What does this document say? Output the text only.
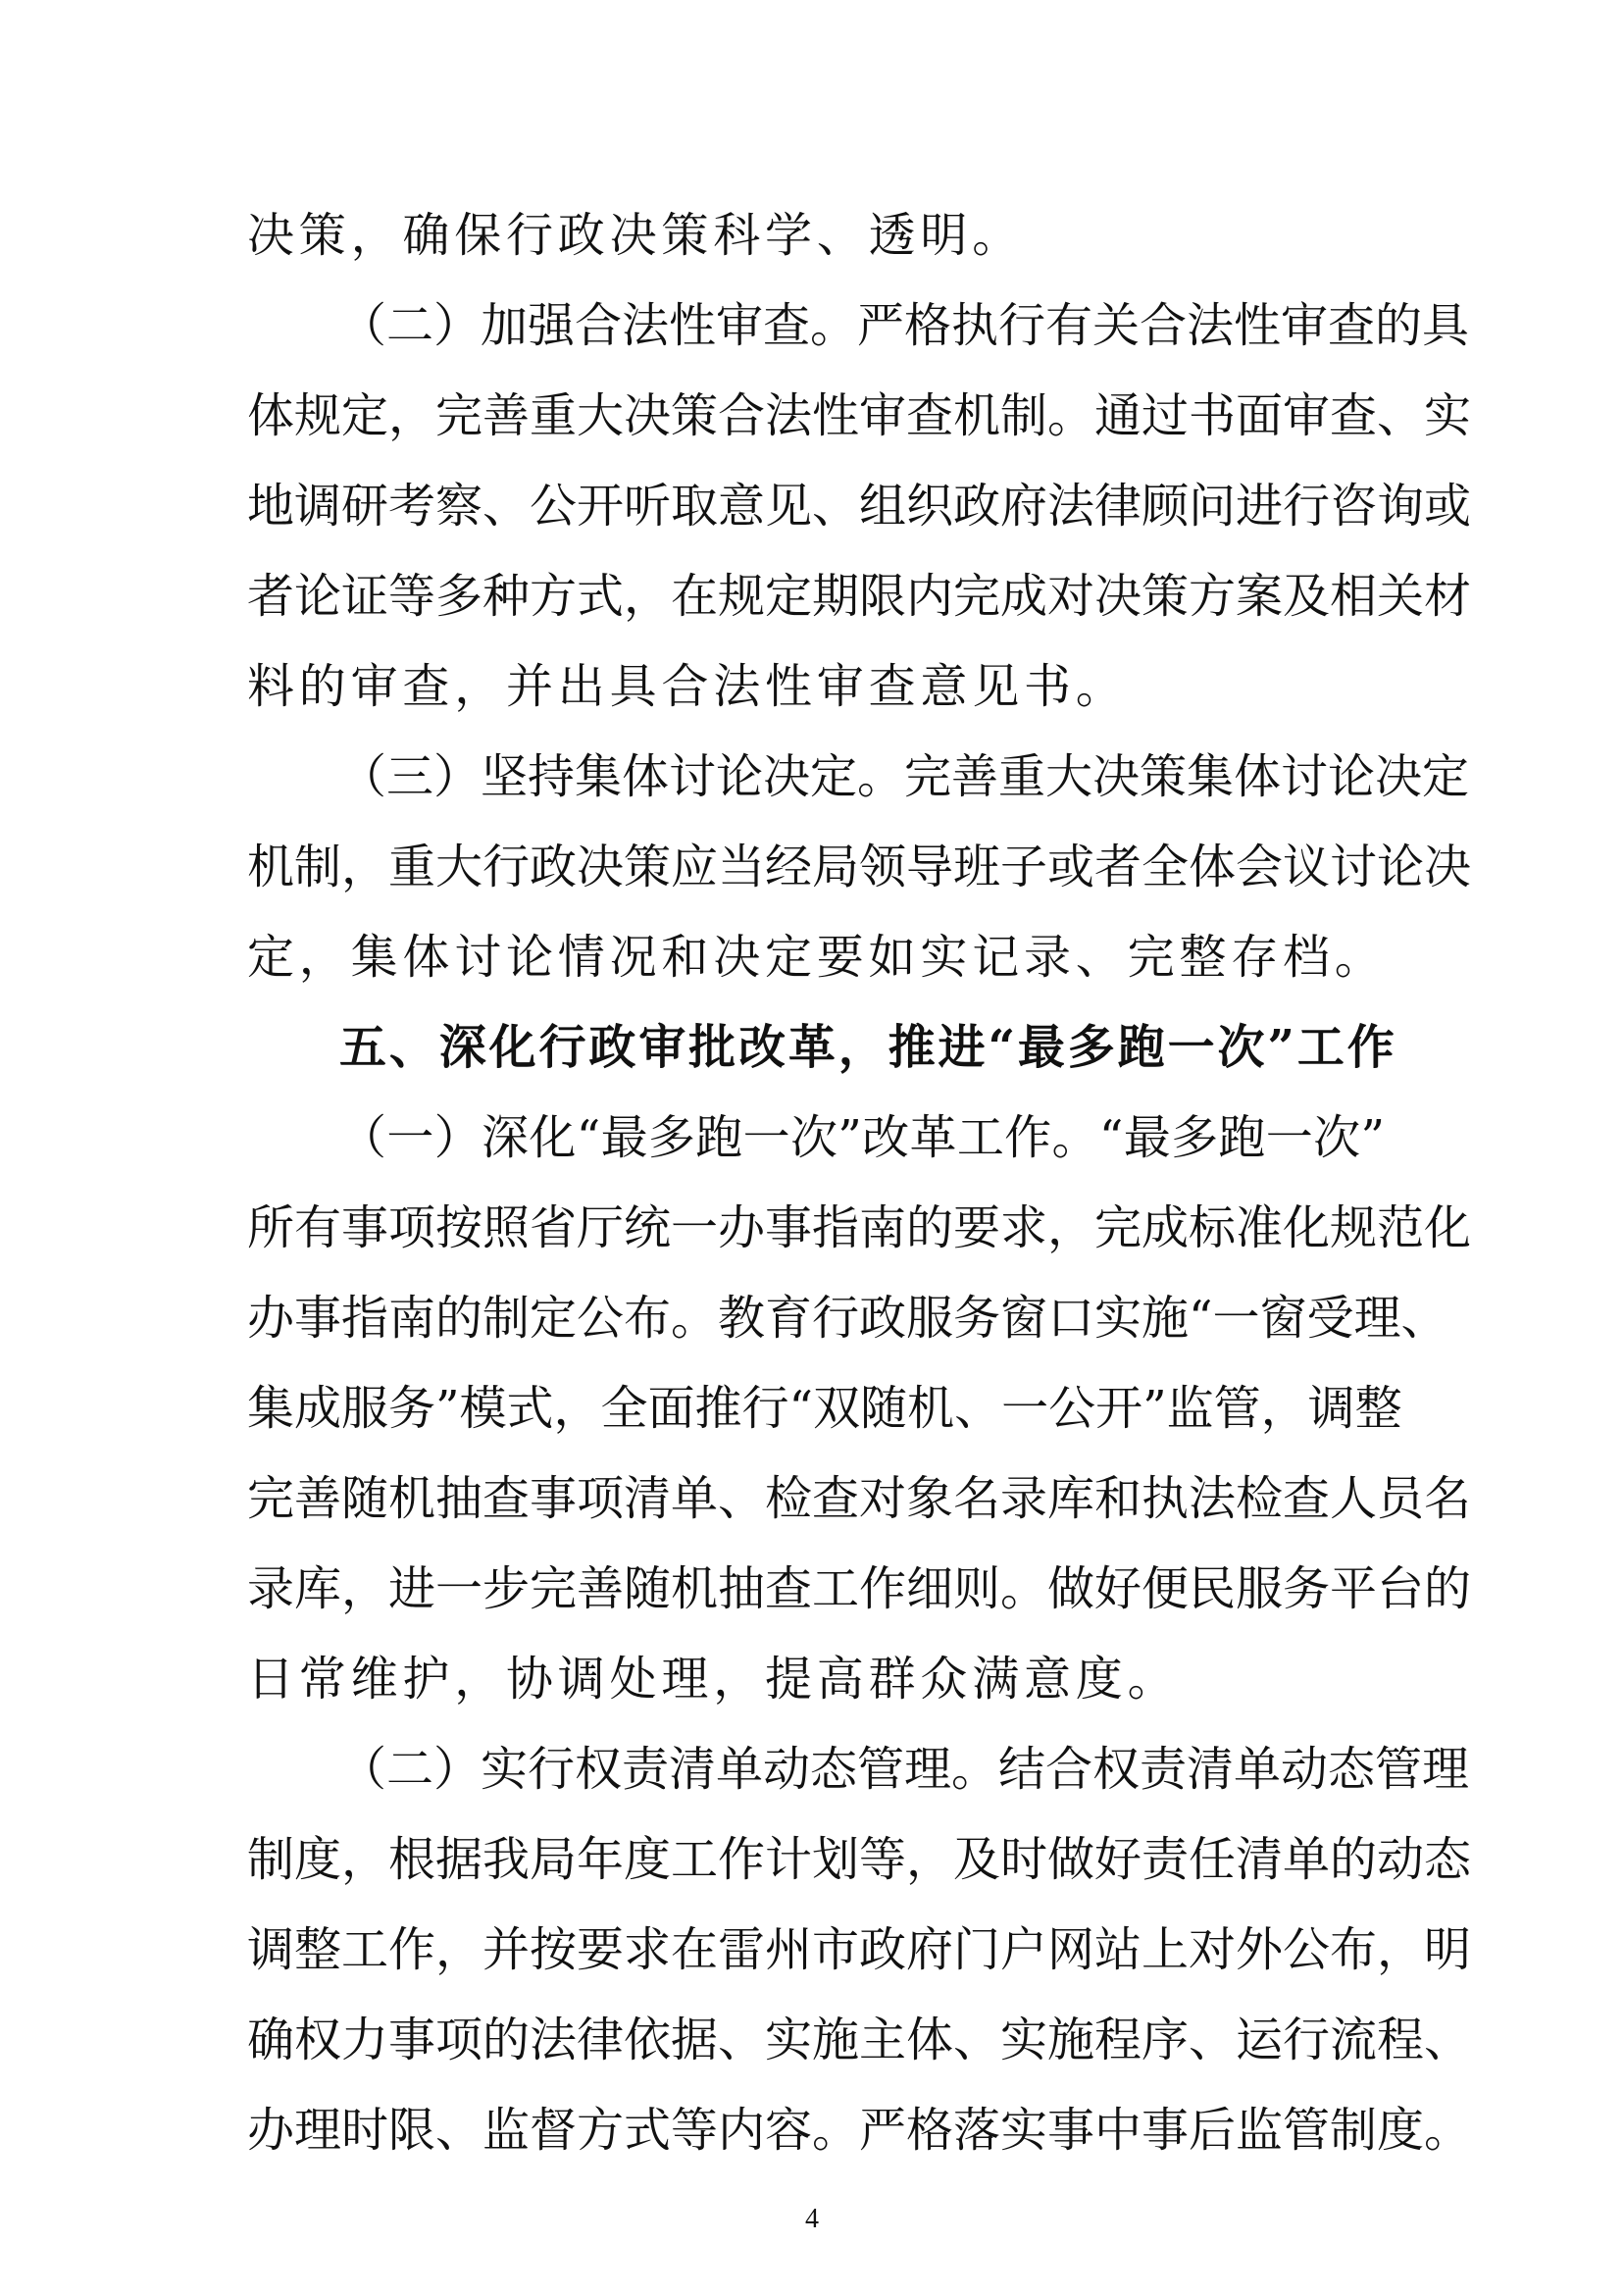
决策，确保行政决策科学、透明。

（二）加强合法性审查。严格执行有关合法性审查的具

体规定，完善重大决策合法性审查机制。通过书面审查、实

地调研考察、公开听取意见、组织政府法律顾问进行咨询或

者论证等多种方式，在规定期限内完成对决策方案及相关材

料的审查，并出具合法性审查意见书。

（三）坚持集体讨论决定。完善重大决策集体讨论决定

机制，重大行政决策应当经局领导班子或者全体会议讨论决

定，集体讨论情况和决定要如实记录、完整存档。

五、深化行政审批改革，推进“最多跑一次”工作

（一）深化“最多跑一次”改革工作。“最多跑一次”

所有事项按照省厅统一办事指南的要求，完成标准化规范化

办事指南的制定公布。教育行政服务窗口实施“一窗受理、

集成服务”模式，全面推行“双随机、一公开”监管，调整

完善随机抽查事项清单、检查对象名录库和执法检查人员名

录库，进一步完善随机抽查工作细则。做好便民服务平台的

日常维护，协调处理，提高群众满意度。

（二）实行权责清单动态管理。结合权责清单动态管理

制度，根据我局年度工作计划等，及时做好责任清单的动态

调整工作，并按要求在雷州市政府门户网站上对外公布，明

确权力事项的法律依据、实施主体、实施程序、运行流程、

办理时限、监督方式等内容。严格落实事中事后监管制度。

4
